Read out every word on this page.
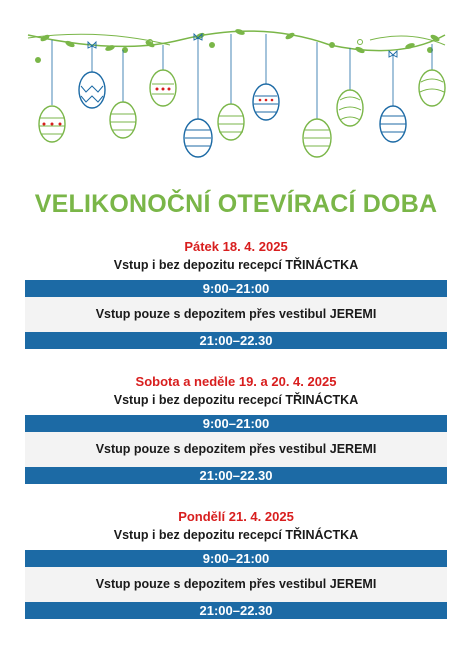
VELIKONOČNÍ OTEVÍRACÍ DOBA
Pátek 18. 4. 2025
Vstup i bez depozitu recepcí TŘINÁCTKA
9:00–21:00
Vstup pouze s depozitem přes vestibul JEREMI
21:00–22.30
Sobota a neděle 19. a 20. 4. 2025
Vstup i bez depozitu recepcí TŘINÁCTKA
9:00–21:00
Vstup pouze s depozitem přes vestibul JEREMI
21:00–22.30
Pondělí 21. 4. 2025
Vstup i bez depozitu recepcí TŘINÁCTKA
9:00–21:00
Vstup pouze s depozitem přes vestibul JEREMI
21:00–22.30
